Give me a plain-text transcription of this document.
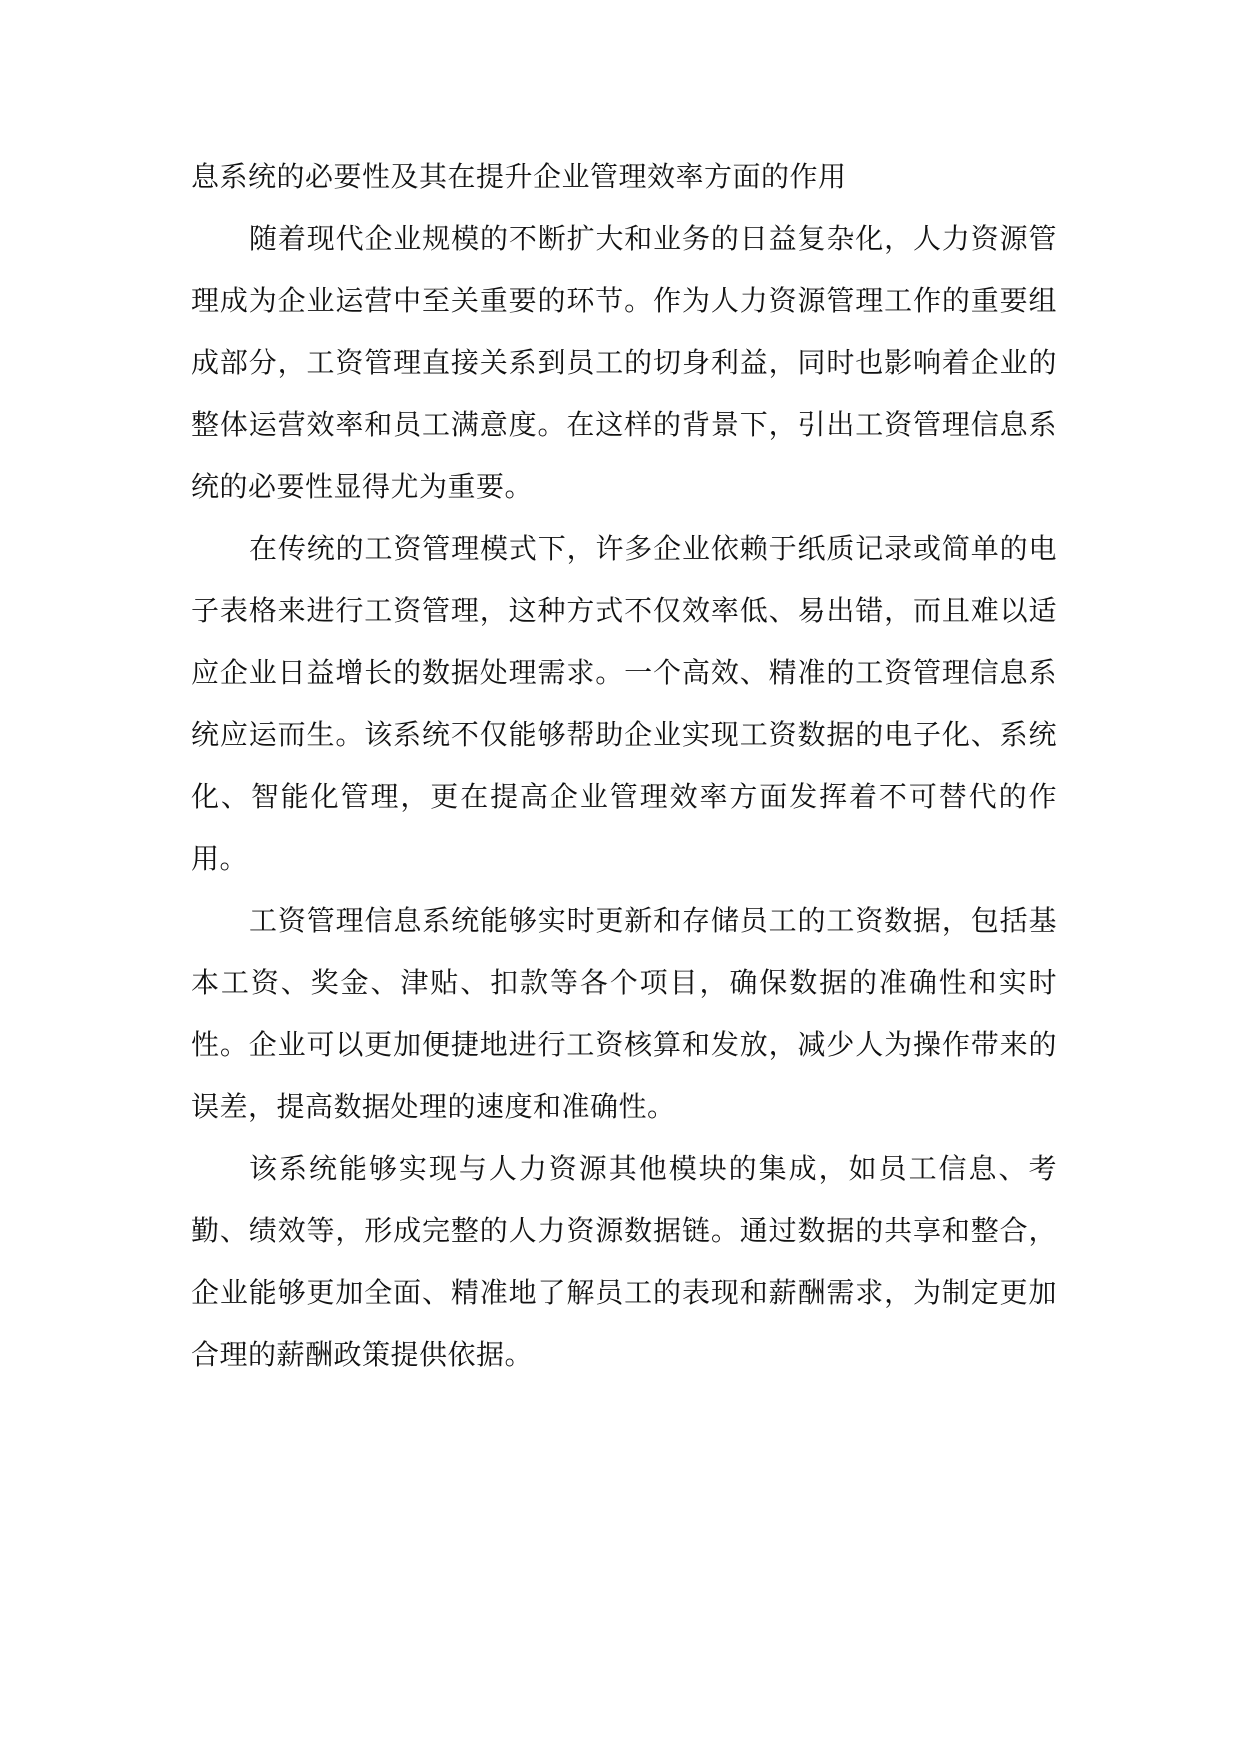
息系统的必要性及其在提升企业管理效率方面的作用

随着现代企业规模的不断扩大和业务的日益复杂化，人力资源管理成为企业运营中至关重要的环节。作为人力资源管理工作的重要组成部分，工资管理直接关系到员工的切身利益，同时也影响着企业的整体运营效率和员工满意度。在这样的背景下，引出工资管理信息系统的必要性显得尤为重要。

在传统的工资管理模式下，许多企业依赖于纸质记录或简单的电子表格来进行工资管理，这种方式不仅效率低、易出错，而且难以适应企业日益增长的数据处理需求。一个高效、精准的工资管理信息系统应运而生。该系统不仅能够帮助企业实现工资数据的电子化、系统化、智能化管理，更在提高企业管理效率方面发挥着不可替代的作用。

工资管理信息系统能够实时更新和存储员工的工资数据，包括基本工资、奖金、津贴、扣款等各个项目，确保数据的准确性和实时性。企业可以更加便捷地进行工资核算和发放，减少人为操作带来的误差，提高数据处理的速度和准确性。

该系统能够实现与人力资源其他模块的集成，如员工信息、考勤、绩效等，形成完整的人力资源数据链。通过数据的共享和整合，企业能够更加全面、精准地了解员工的表现和薪酬需求，为制定更加合理的薪酬政策提供依据。
